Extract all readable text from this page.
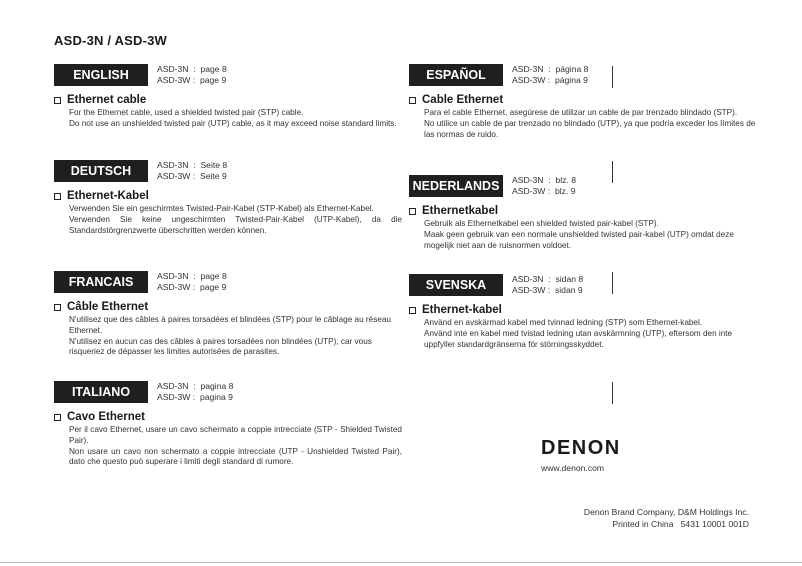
ASD-3N / ASD-3W
ENGLISH	ASD-3N  :  page 8
ASD-3W :  page 9
Ethernet cable

For the Ethernet cable, used a shielded twisted pair (STP) cable.

Do not use an unshielded twisted pair (UTP) cable, as it may exceed noise standard limits.

DEUTSCH	ASD-3N  :  Seite 8
ASD-3W :  Seite 9
Ethernet-Kabel

Verwenden Sie ein geschirmtes Twisted-Pair-Kabel (STP-Kabel) als Ethernet-Kabel.

Verwenden Sie keine ungeschirmten Twisted-Pair-Kabel (UTP-Kabel), da die Standardstörgrenzwerte überschritten werden können.

FRANCAIS	ASD-3N  :  page 8
ASD-3W :  page 9
Câble Ethernet

N'utilisez que des câbles à paires torsadées et blindées (STP) pour le câblage au réseau Ethernet.

N'utilisez en aucun cas des câbles à paires torsadées non blindées (UTP), car vous risqueriez de dépasser les limites autorisées de parasites.

ITALIANO	ASD-3N  :  pagina 8
ASD-3W :  pagina 9
Cavo Ethernet

Per il cavo Ethernet, usare un cavo schermato a coppie intrecciate (STP - Shielded Twisted Pair).

Non usare un cavo non schermato a coppie intrecciate (UTP - Unshielded Twisted Pair), dato che questo può superare i limiti degli standard di rumore.

ESPAÑOL	ASD-3N  :  página 8
ASD-3W :  página 9
Cable Ethernet

Para el cable Ethernet, asegúrese de utilizar un cable de par trenzado blindado (STP).

No utilice un cable de par trenzado no blindado (UTP), ya que podría exceder los límites de las normas de ruido.

NEDERLANDS	ASD-3N  :  blz. 8
ASD-3W :  blz. 9
Ethernetkabel

Gebruik als Ethernetkabel een shielded twisted pair-kabel (STP).

Maak geen gebruik van een normale unshielded twisted pair-kabel (UTP) omdat deze mogelijk niet aan de ruisnormen voldoet.

SVENSKA	ASD-3N  :  sidan 8
ASD-3W :  sidan 9
Ethernet-kabel

Använd en avskärmad kabel med tvinnad ledning (STP) som Ethernet-kabel.

Använd inte en kabel med tvistad ledning utan avskärmning (UTP), eftersom den inte uppfyller standardgränserna för störningsskyddet.

DENON
www.denon.com
Denon Brand Company, D&M Holdings Inc.
Printed in China   5431 10001 001D
